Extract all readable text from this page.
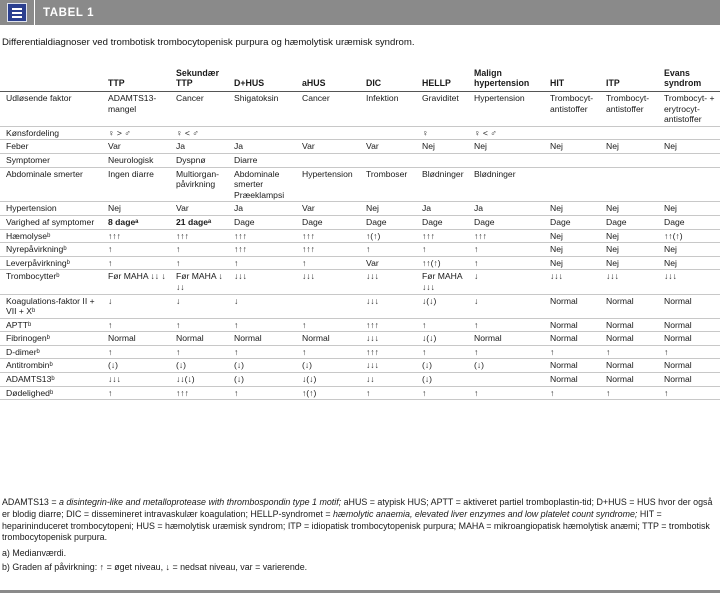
TABEL 1
Differentialdiagnoser ved trombotisk trombocytopenisk purpura og hæmolytisk uræmisk syndrom.
	TTP	Sekundær TTP	D+HUS	aHUS	DIC	HELLP	Malign hypertension	HIT	ITP	Evans syndrom
Udløsende faktor	ADAMTS13-mangel	Cancer	Shigatoksin	Cancer	Infektion	Graviditet	Hypertension	Trombocyt-antistoffer	Trombocyt-antistoffer	Trombocyt- + erytrocyt-antistoffer
Kønsfordeling	♀ > ♂	♀ < ♂				♀	♀ < ♂			
Feber	Var	Ja	Ja	Var	Var	Nej	Nej	Nej	Nej	Nej
Symptomer	Neurologisk	Dyspnø	Diarre							
Abdominale smerter	Ingen diarre	Multiorgan-påvirkning	Abdominale smerter Præeklampsi	Hypertension	Tromboser	Blødninger	Blødninger			
Hypertension	Nej	Var	Ja	Var	Nej	Ja	Ja	Nej	Nej	Nej
Varighed af symptomer	8 dageᵃ	21 dageᵃ	Dage	Dage	Dage	Dage	Dage	Dage	Dage	Dage
Hæmolyseᵇ	↑↑↑	↑↑↑	↑↑↑	↑↑↑	↑(↑)	↑↑↑	↑↑↑	Nej	Nej	↑↑(↑)
Nyrepåvirkningᵇ	↑	↑	↑↑↑	↑↑↑	↑	↑	↑	Nej	Nej	Nej
Leverpåvirkningᵇ	↑	↑	↑	↑	Var	↑↑(↑)	↑	Nej	Nej	Nej
Trombocytterᵇ	Før MAHA ↓↓ ↓	Før MAHA ↓ ↓↓	↓↓↓	↓↓↓	↓↓↓	Før MAHA ↓↓↓	↓	↓↓↓	↓↓↓	↓↓↓
Koagulations-faktor II + VII + Xᵇ	↓	↓	↓		↓↓↓	↓(↓)	↓	Normal	Normal	Normal
APTTᵇ	↑	↑	↑	↑	↑↑↑	↑	↑	Normal	Normal	Normal
Fibrinogenᵇ	Normal	Normal	Normal	Normal	↓↓↓	↓(↓)	Normal	Normal	Normal	Normal
D-dimerᵇ	↑	↑	↑	↑	↑↑↑	↑	↑	↑	↑	↑
Antitrombinᵇ	(↓)	(↓)	(↓)	(↓)	↓↓↓	(↓)	(↓)	Normal	Normal	Normal
ADAMTS13ᵇ	↓↓↓	↓↓(↓)	(↓)	↓(↓)	↓↓	(↓)		Normal	Normal	Normal
Dødelighedᵇ	↑	↑↑↑	↑	↑(↑)	↑	↑	↑	↑	↑	↑

ADAMTS13 = a disintegrin-like and metalloprotease with thrombospondin type 1 motif; aHUS = atypisk HUS; APTT = aktiveret partiel tromboplastin-tid; D+HUS = HUS hvor der også er blodig diarre; DIC = dissemineret intravaskulær koagulation; HELLP-syndromet = hæmolytic anaemia, elevated liver enzymes and low platelet count syndrome; HIT = heparininduceret trombocytopeni; HUS = hæmolytisk uræmisk syndrom; ITP = idiopatisk trombocytopenisk purpura; MAHA = mikroangiopatisk hæmolytisk anæmi; TTP = trombotisk trombocytopenisk purpura.

a) Medianværdi.

b) Graden af påvirkning: ↑ = øget niveau, ↓ = nedsat niveau, var = varierende.
